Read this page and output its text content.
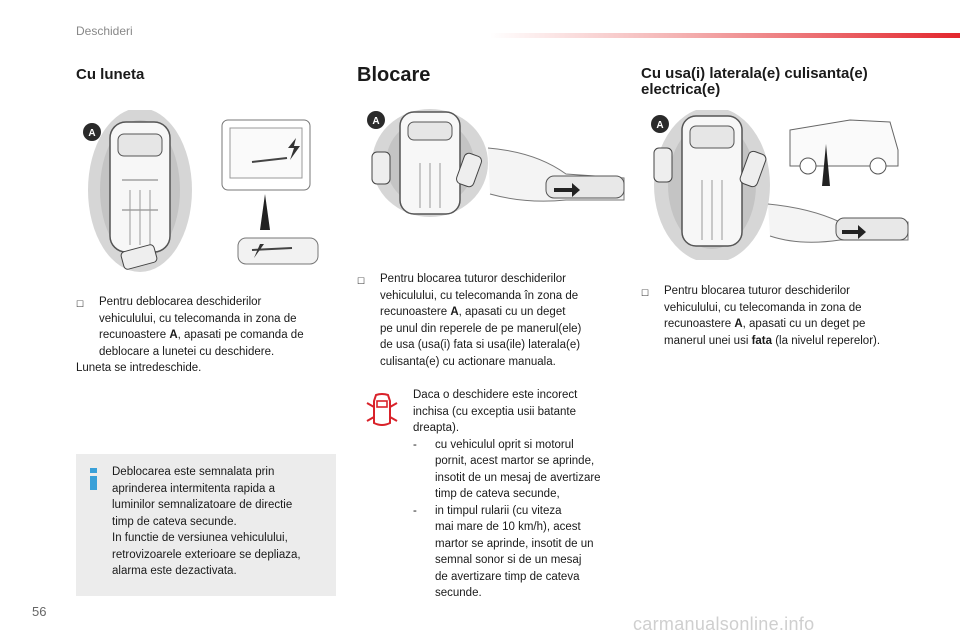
Deschideri
Cu luneta	Blocare	Cu usa(i) laterala(e) culisanta(e)
electrica(e)
A
A	A
☐ Pentru deblocarea deschiderilor
vehiculului, cu telecomanda in zona de
recunoastere A, apasati pe comanda de
deblocare a lunetei cu deschidere.
Luneta se intredeschide.
Deblocarea este semnalata prin
aprinderea intermitenta rapida a
luminilor semnalizatoare de directie
timp de cateva secunde.
In functie de versiunea vehiculului,
retrovizoarele exterioare se depliaza,
alarma este dezactivata.
☐ Pentru blocarea tuturor deschiderilor
vehiculului, cu telecomanda în zona de
recunoastere A, apasati cu un deget
pe unul din reperele de pe manerul(ele)
de usa (usa(i) fata si usa(ile) laterala(e)
culisanta(e) cu actionare manuala.
Daca o deschidere este incorect
inchisa (cu exceptia usii batante
dreapta).
- cu vehiculul oprit si motorul
pornit, acest martor se aprinde,
insotit de un mesaj de avertizare
timp de cateva secunde,
- in timpul rularii (cu viteza
mai mare de 10 km/h), acest
martor se aprinde, insotit de un
semnal sonor si de un mesaj
de avertizare timp de cateva
secunde.
☐ Pentru blocarea tuturor deschiderilor
vehiculului, cu telecomanda in zona de
recunoastere A, apasati cu un deget pe
manerul unei usi fata (la nivelul reperelor).
56
carmanualsonline.info
